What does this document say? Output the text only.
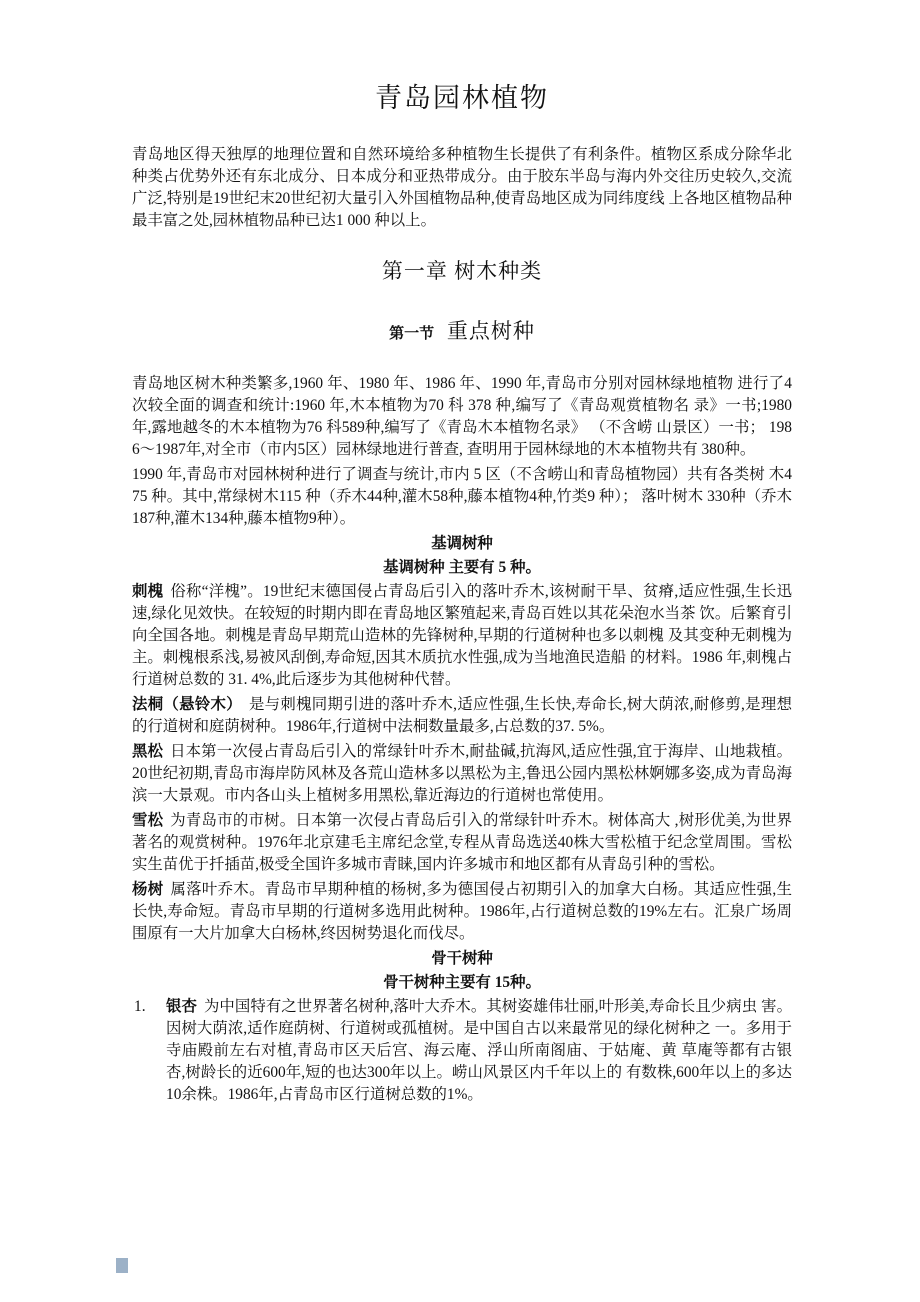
青岛园林植物

青岛地区得天独厚的地理位置和自然环境给多种植物生长提供了有利条件。植物区系成分除华北种类占优势外还有东北成分、日本成分和亚热带成分。由于胶东半岛与海内外交往历史较久,交流广泛,特别是19世纪末20世纪初大量引入外国植物品种,使青岛地区成为同纬度线 上各地区植物品种最丰富之处,园林植物品种已达1 000 种以上。

第一章 树木种类
第一节 重点树种

青岛地区树木种类繁多,1960 年、1980 年、1986 年、1990 年,青岛市分别对园林绿地植物 进行了4 次较全面的调查和统计:1960 年,木本植物为70 科 378 种,编写了《青岛观赏植物名 录》一书;1980年,露地越冬的木本植物为76 科589种,编写了《青岛木本植物名录》 （不含崂 山景区）一书； 1986～1987年,对全市（市内5区）园林绿地进行普查, 查明用于园林绿地的木本植物共有 380种。

1990 年,青岛市对园林树种进行了调查与统计,市内 5 区（不含崂山和青岛植物园）共有各类树 木475 种。其中,常绿树木115 种（乔木44种,灌木58种,藤本植物4种,竹类9 种）； 落叶树木 330种（乔木187种,灌木134种,藤本植物9种）。

基调树种
基调树种 主要有 5 种。

刺槐 俗称“洋槐”。19世纪末德国侵占青岛后引入的落叶乔木,该树耐干旱、贫瘠,适应性强,生长迅速,绿化见效快。在较短的时期内即在青岛地区繁殖起来,青岛百姓以其花朵泡水当茶 饮。后繁育引向全国各地。刺槐是青岛早期荒山造林的先锋树种,早期的行道树种也多以刺槐 及其变种无刺槐为主。刺槐根系浅,易被风刮倒,寿命短,因其木质抗水性强,成为当地渔民造船 的材料。1986 年,刺槐占行道树总数的 31. 4%,此后逐步为其他树种代替。

法桐（悬铃木） 是与刺槐同期引进的落叶乔木,适应性强,生长快,寿命长,树大荫浓,耐修剪,是理想的行道树和庭荫树种。1986年,行道树中法桐数量最多,占总数的37. 5%。

黑松 日本第一次侵占青岛后引入的常绿针叶乔木,耐盐碱,抗海风,适应性强,宜于海岸、山地栽植。20世纪初期,青岛市海岸防风林及各荒山造林多以黑松为主,鲁迅公园内黑松林婀娜多姿,成为青岛海滨一大景观。市内各山头上植树多用黑松,靠近海边的行道树也常使用。

雪松 为青岛市的市树。日本第一次侵占青岛后引入的常绿针叶乔木。树体高大 ,树形优美,为世界著名的观赏树种。1976年北京建毛主席纪念堂,专程从青岛选送40株大雪松植于纪念堂周围。雪松实生苗优于扦插苗,极受全国许多城市青睐,国内许多城市和地区都有从青岛引种的雪松。

杨树 属落叶乔木。青岛市早期种植的杨树,多为德国侵占初期引入的加拿大白杨。其适应性强,生长快,寿命短。青岛市早期的行道树多选用此树种。1986年,占行道树总数的19%左右。汇泉广场周围原有一大片加拿大白杨林,终因树势退化而伐尽。

骨干树种
骨干树种主要有 15种。
1.	银杏 为中国特有之世界著名树种,落叶大乔木。其树姿雄伟壮丽,叶形美,寿命长且少病虫 害。因树大荫浓,适作庭荫树、行道树或孤植树。是中国自古以来最常见的绿化树种之 一。多用于寺庙殿前左右对植,青岛市区天后宫、海云庵、浮山所南阁庙、于姑庵、黄 草庵等都有古银杏,树龄长的近600年,短的也达300年以上。崂山风景区内千年以上的 有数株,600年以上的多达10余株。1986年,占青岛市区行道树总数的1%。
